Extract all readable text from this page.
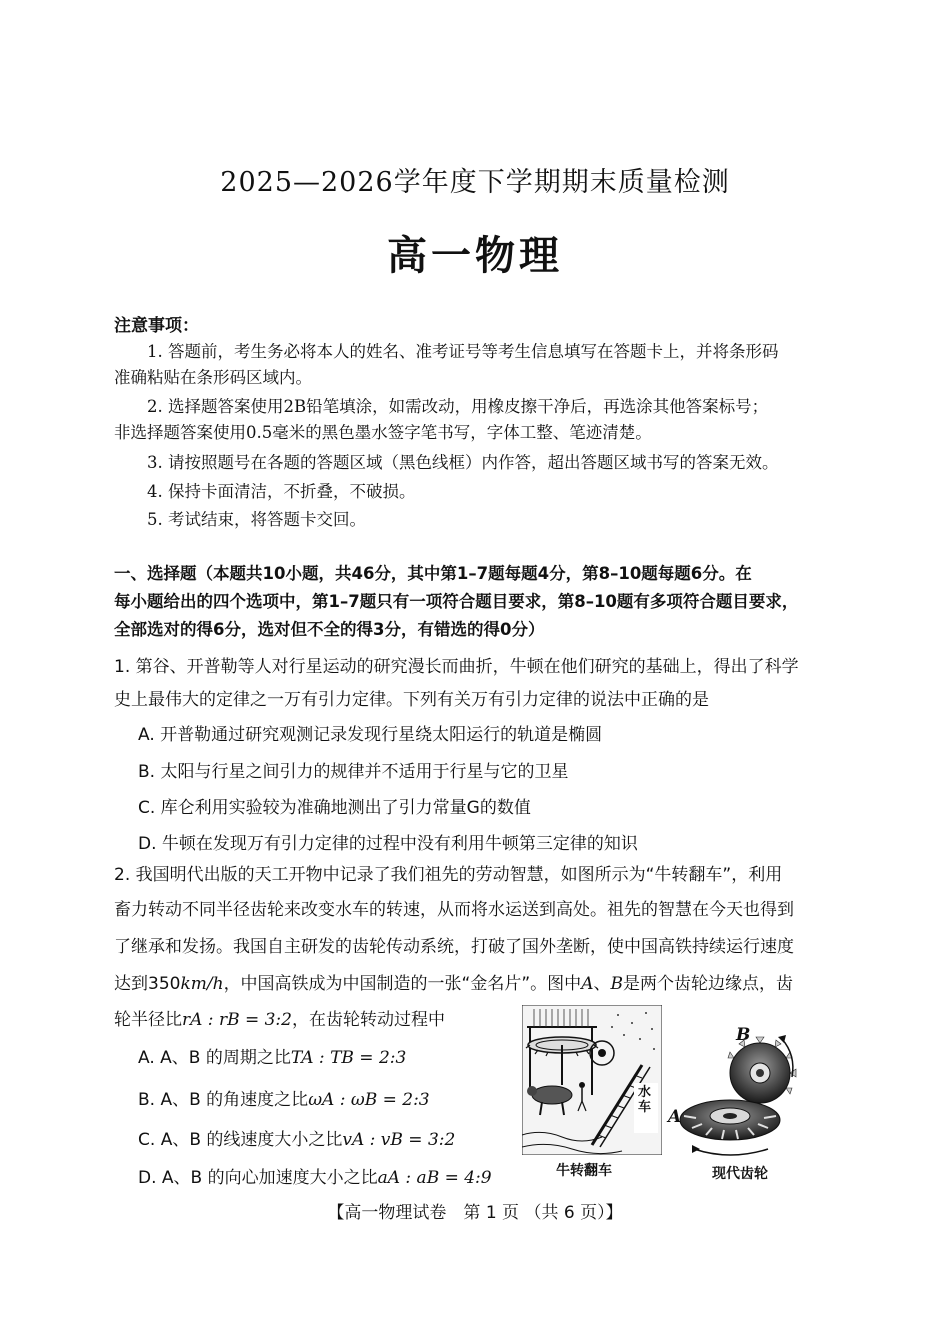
2025—2026学年度下学期期末质量检测
高一物理
注意事项：
1. 答题前，考生务必将本人的姓名、准考证号等考生信息填写在答题卡上，并将条形码
准确粘贴在条形码区域内。
2. 选择题答案使用2B铅笔填涂，如需改动，用橡皮擦干净后，再选涂其他答案标号；
非选择题答案使用0.5毫米的黑色墨水签字笔书写，字体工整、笔迹清楚。
3. 请按照题号在各题的答题区域（黑色线框）内作答，超出答题区域书写的答案无效。
4. 保持卡面清洁，不折叠，不破损。
5. 考试结束，将答题卡交回。
一、选择题（本题共10小题，共46分，其中第1–7题每题4分，第8–10题每题6分。在
每小题给出的四个选项中，第1–7题只有一项符合题目要求，第8–10题有多项符合题目要求，
全部选对的得6分，选对但不全的得3分，有错选的得0分）
1. 第谷、开普勒等人对行星运动的研究漫长而曲折，牛顿在他们研究的基础上，得出了科学
史上最伟大的定律之一万有引力定律。下列有关万有引力定律的说法中正确的是
A. 开普勒通过研究观测记录发现行星绕太阳运行的轨道是椭圆
B. 太阳与行星之间引力的规律并不适用于行星与它的卫星
C. 库仑利用实验较为准确地测出了引力常量G的数值
D. 牛顿在发现万有引力定律的过程中没有利用牛顿第三定律的知识
2. 我国明代出版的天工开物中记录了我们祖先的劳动智慧，如图所示为“牛转翻车”，利用
畜力转动不同半径齿轮来改变水车的转速，从而将水运送到高处。祖先的智慧在今天也得到
了继承和发扬。我国自主研发的齿轮传动系统，打破了国外垄断，使中国高铁持续运行速度
达到350km/h，中国高铁成为中国制造的一张“金名片”。图中A、B是两个齿轮边缘点，齿
轮半径比rA : rB = 3:2，在齿轮转动过程中
A. A、B 的周期之比TA : TB = 2:3
B. A、B 的角速度之比ωA : ωB = 2:3
C. A、B 的线速度大小之比vA : vB = 3:2
D. A、B 的向心加速度大小之比aA : aB = 4:9
水
车
牛转翻车
B
A
现代齿轮
【高一物理试卷　第 1 页 （共 6 页）】
